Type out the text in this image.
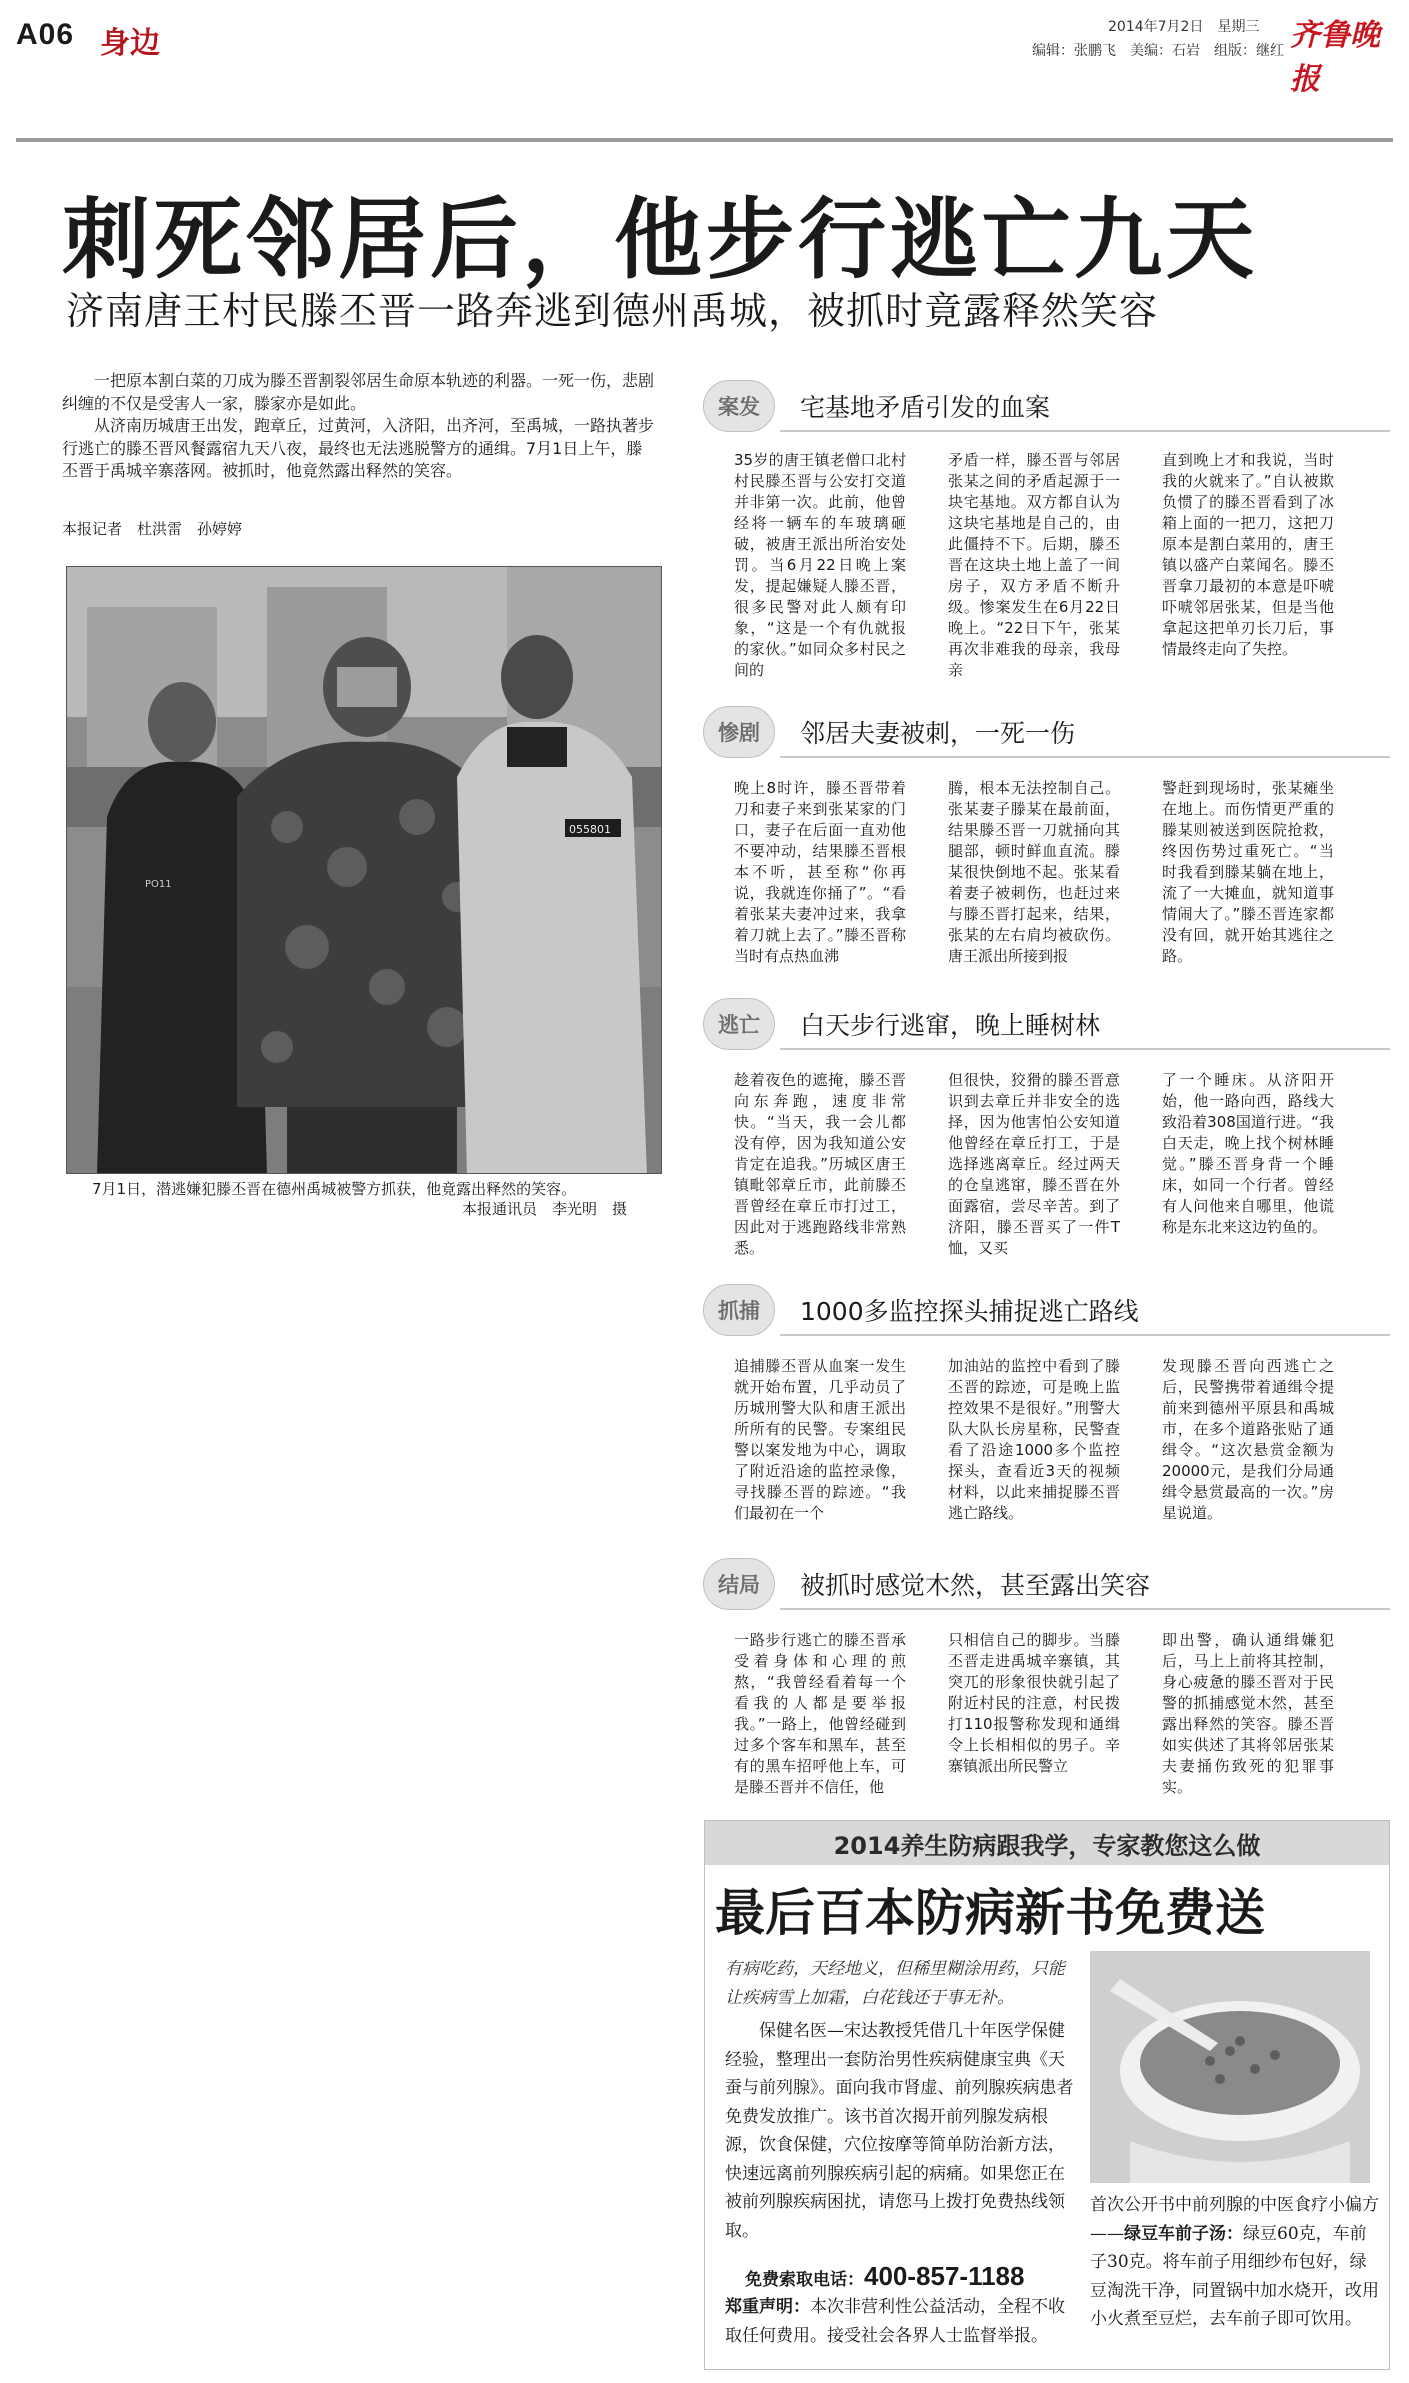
A06 身边	2014年7月2日　星期三 齐鲁晚报
编辑：张鹏飞　美编：石岩　组版：继红
刺死邻居后，他步行逃亡九天
济南唐王村民滕丕晋一路奔逃到德州禹城，被抓时竟露释然笑容

一把原本割白菜的刀成为滕丕晋割裂邻居生命原本轨迹的利器。一死一伤，悲剧纠缠的不仅是受害人一家，滕家亦是如此。

从济南历城唐王出发，跑章丘，过黄河，入济阳，出齐河，至禹城，一路执著步行逃亡的滕丕晋风餐露宿九天八夜，最终也无法逃脱警方的通缉。7月1日上午，滕丕晋于禹城辛寨落网。被抓时，他竟然露出释然的笑容。

本报记者　杜洪雷　孙婷婷
055801
PO11
7月1日，潜逃嫌犯滕丕晋在德州禹城被警方抓获，他竟露出释然的笑容。
本报通讯员　李光明　摄
案发	宅基地矛盾引发的血案
35岁的唐王镇老僧口北村村民滕丕晋与公安打交道并非第一次。此前，他曾经将一辆车的车玻璃砸破，被唐王派出所治安处罚。当6月22日晚上案发，提起嫌疑人滕丕晋，很多民警对此人颇有印象，“这是一个有仇就报的家伙。”如同众多村民之间的
矛盾一样，滕丕晋与邻居张某之间的矛盾起源于一块宅基地。双方都自认为这块宅基地是自己的，由此僵持不下。后期，滕丕晋在这块土地上盖了一间房子，双方矛盾不断升级。惨案发生在6月22日晚上。“22日下午，张某再次非难我的母亲，我母亲
直到晚上才和我说，当时我的火就来了。”自认被欺负惯了的滕丕晋看到了冰箱上面的一把刀，这把刀原本是割白菜用的，唐王镇以盛产白菜闻名。滕丕晋拿刀最初的本意是吓唬吓唬邻居张某，但是当他拿起这把单刃长刀后，事情最终走向了失控。
惨剧	邻居夫妻被刺，一死一伤
晚上8时许，滕丕晋带着刀和妻子来到张某家的门口，妻子在后面一直劝他不要冲动，结果滕丕晋根本不听，甚至称“你再说，我就连你捅了”。“看着张某夫妻冲过来，我拿着刀就上去了。”滕丕晋称当时有点热血沸
腾，根本无法控制自己。张某妻子滕某在最前面，结果滕丕晋一刀就捅向其腿部，顿时鲜血直流。滕某很快倒地不起。张某看着妻子被刺伤，也赶过来与滕丕晋打起来，结果，张某的左右肩均被砍伤。唐王派出所接到报
警赶到现场时，张某瘫坐在地上。而伤情更严重的滕某则被送到医院抢救，终因伤势过重死亡。“当时我看到滕某躺在地上，流了一大摊血，就知道事情闹大了。”滕丕晋连家都没有回，就开始其逃往之路。
逃亡	白天步行逃窜，晚上睡树林
趁着夜色的遮掩，滕丕晋向东奔跑，速度非常快。“当天，我一会儿都没有停，因为我知道公安肯定在追我。”历城区唐王镇毗邻章丘市，此前滕丕晋曾经在章丘市打过工，因此对于逃跑路线非常熟悉。
但很快，狡猾的滕丕晋意识到去章丘并非安全的选择，因为他害怕公安知道他曾经在章丘打工，于是选择逃离章丘。经过两天的仓皇逃窜，滕丕晋在外面露宿，尝尽辛苦。到了济阳，滕丕晋买了一件T恤，又买
了一个睡床。从济阳开始，他一路向西，路线大致沿着308国道行进。“我白天走，晚上找个树林睡觉。”滕丕晋身背一个睡床，如同一个行者。曾经有人问他来自哪里，他谎称是东北来这边钓鱼的。
抓捕	1000多监控探头捕捉逃亡路线
追捕滕丕晋从血案一发生就开始布置，几乎动员了历城刑警大队和唐王派出所所有的民警。专案组民警以案发地为中心，调取了附近沿途的监控录像，寻找滕丕晋的踪迹。“我们最初在一个
加油站的监控中看到了滕丕晋的踪迹，可是晚上监控效果不是很好。”刑警大队大队长房星称，民警查看了沿途1000多个监控探头，查看近3天的视频材料，以此来捕捉滕丕晋逃亡路线。
发现滕丕晋向西逃亡之后，民警携带着通缉令提前来到德州平原县和禹城市，在多个道路张贴了通缉令。“这次悬赏金额为20000元，是我们分局通缉令悬赏最高的一次。”房星说道。
结局	被抓时感觉木然，甚至露出笑容
一路步行逃亡的滕丕晋承受着身体和心理的煎熬，“我曾经看着每一个看我的人都是要举报我。”一路上，他曾经碰到过多个客车和黑车，甚至有的黑车招呼他上车，可是滕丕晋并不信任，他
只相信自己的脚步。当滕丕晋走进禹城辛寨镇，其突兀的形象很快就引起了附近村民的注意，村民拨打110报警称发现和通缉令上长相相似的男子。辛寨镇派出所民警立
即出警，确认通缉嫌犯后，马上上前将其控制，身心疲惫的滕丕晋对于民警的抓捕感觉木然，甚至露出释然的笑容。滕丕晋如实供述了其将邻居张某夫妻捅伤致死的犯罪事实。
2014养生防病跟我学，专家教您这么做
最后百本防病新书免费送
有病吃药，天经地义，但稀里糊涂用药，只能让疾病雪上加霜，白花钱还于事无补。
保健名医—宋达教授凭借几十年医学保健经验，整理出一套防治男性疾病健康宝典《天蚕与前列腺》。面向我市肾虚、前列腺疾病患者免费发放推广。该书首次揭开前列腺发病根源，饮食保健，穴位按摩等简单防治新方法，快速远离前列腺疾病引起的病痛。如果您正在被前列腺疾病困扰，请您马上拨打免费热线领取。
免费索取电话：400-857-1188
郑重声明：本次非营利性公益活动，全程不收取任何费用。接受社会各界人士监督举报。
首次公开书中前列腺的中医食疗小偏方——绿豆车前子汤：绿豆60克，车前子30克。将车前子用细纱布包好，绿豆淘洗干净，同置锅中加水烧开，改用小火煮至豆烂，去车前子即可饮用。
